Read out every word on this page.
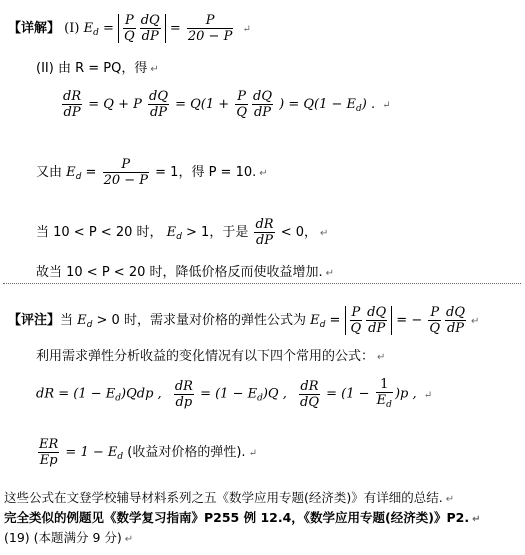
【详解】 (I) $E_d = \frac{P}{Q} \frac{dQ}{dP} = \frac{P}{20 - P}$ ↵
(II) 由 R = PQ，得 ↵
$\frac{dR}{dP} = Q + P \frac{dQ}{dP} = Q(1 + \frac{P}{Q} \frac{dQ}{dP}$ ) = $Q(1 - E_d)$ . ↵
又由 $E_d = \frac{P}{20 - P} = 1$，得 P = 10. ↵
当 10 < P < 20 时， $E_d > 1$，于是 $\frac{dR}{dP} < 0$， ↵
故当 10 < P < 20 时，降低价格反而使收益增加. ↵
【评注】当 $E_d > 0$ 时，需求量对价格的弹性公式为 $E_d = \frac{P}{Q} \frac{dQ}{dP}$ = − $\frac{P}{Q} \frac{dQ}{dP}$ ↵
利用需求弹性分析收益的变化情况有以下四个常用的公式： ↵
dR = $(1 - E_d)Qdp$ , $\frac{dR}{dp} = (1 - E_d)Q$ , $\frac{dR}{dQ} = (1 - \frac{1}{E_d} )p$ , ↵
$\frac{ER}{Ep} = 1 - E_d$ (收益对价格的弹性). ↵
这些公式在文登学校辅导材料系列之五《数学应用专题(经济类)》有详细的总结. ↵
完全类似的例题见《数学复习指南》P255 例 12.4，《数学应用专题(经济类)》P2. ↵
(19) (本题满分 9 分) ↵
